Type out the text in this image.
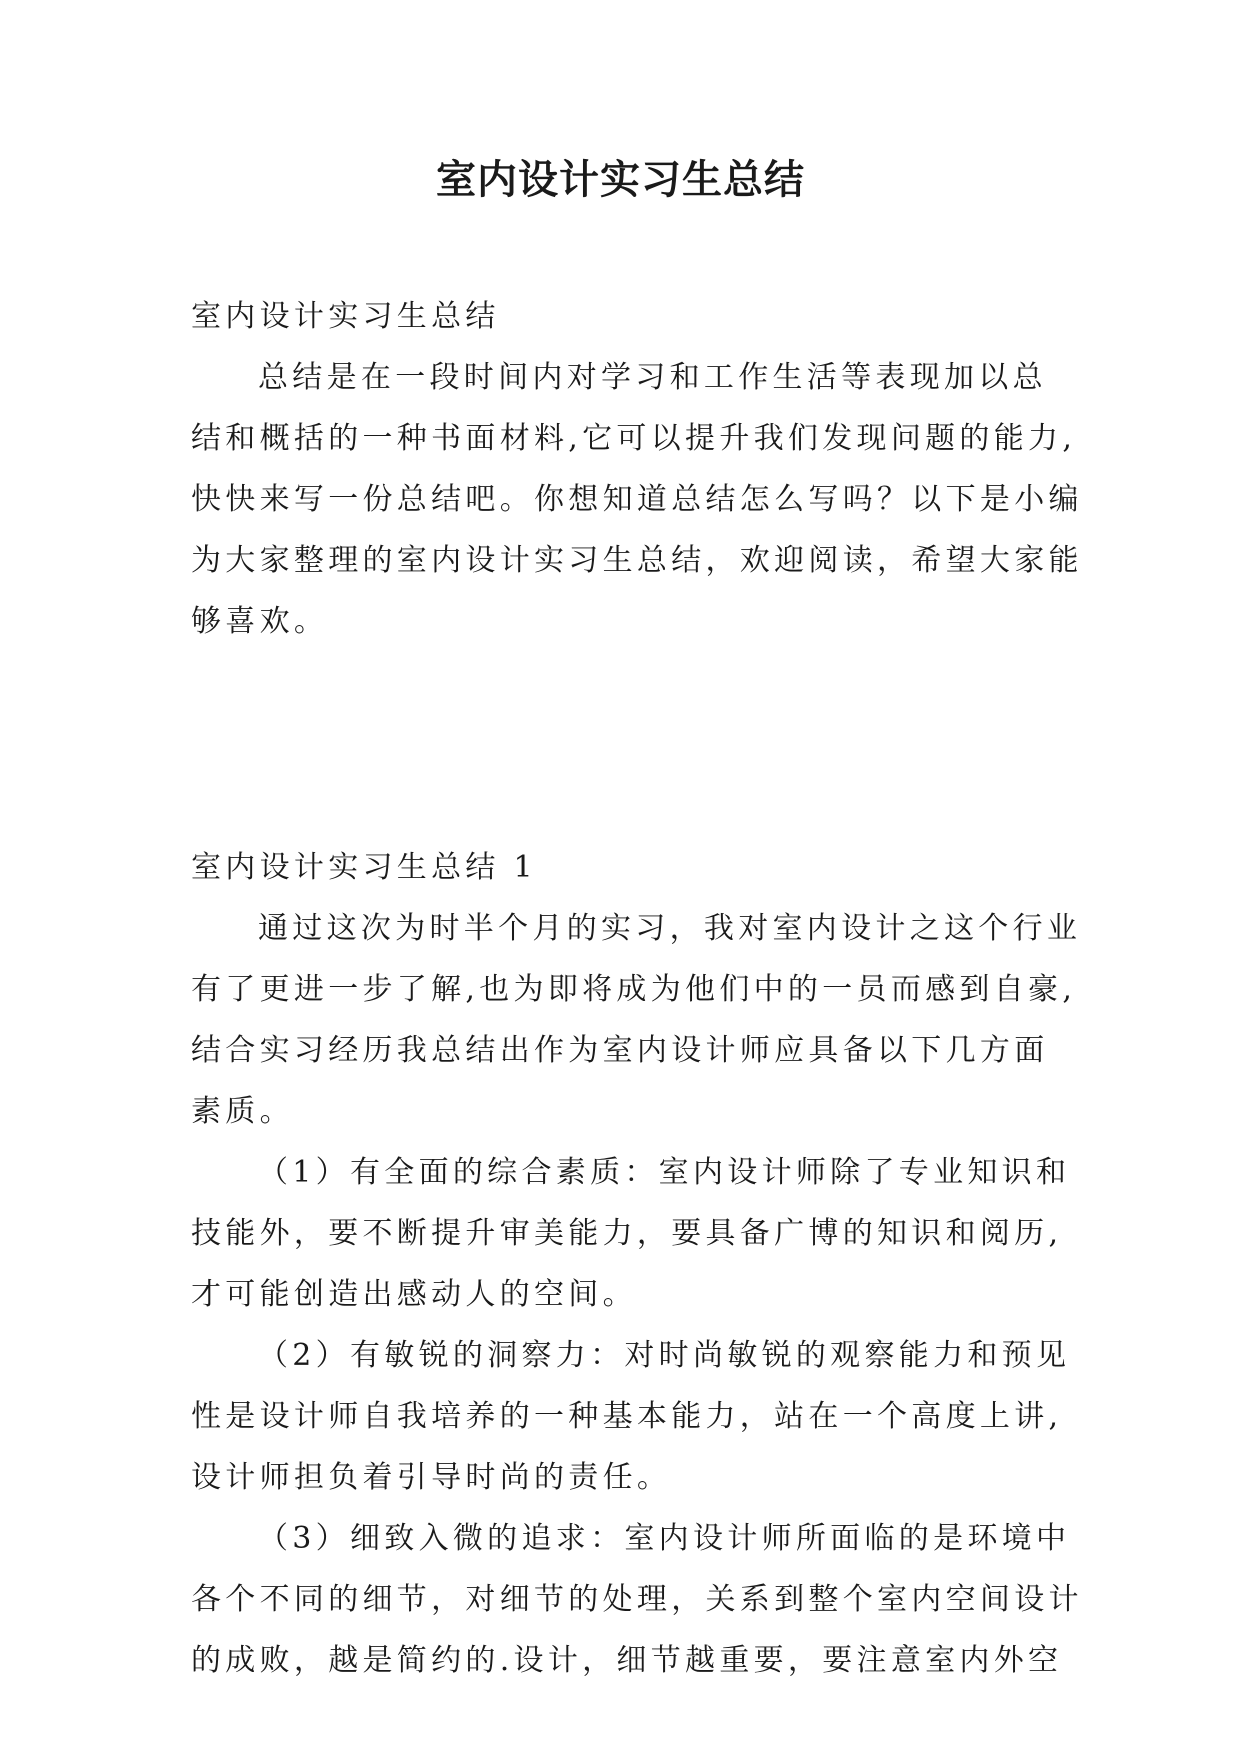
室内设计实习生总结

室内设计实习生总结

总结是在一段时间内对学习和工作生活等表现加以总

结和概括的一种书面材料,它可以提升我们发现问题的能力,

快快来写一份总结吧。你想知道总结怎么写吗？以下是小编

为大家整理的室内设计实习生总结，欢迎阅读，希望大家能

够喜欢。

室内设计实习生总结 1

通过这次为时半个月的实习，我对室内设计之这个行业

有了更进一步了解,也为即将成为他们中的一员而感到自豪,

结合实习经历我总结出作为室内设计师应具备以下几方面

素质。

（1）有全面的综合素质：室内设计师除了专业知识和

技能外，要不断提升审美能力，要具备广博的知识和阅历,

才可能创造出感动人的空间。

（2）有敏锐的洞察力：对时尚敏锐的观察能力和预见

性是设计师自我培养的一种基本能力，站在一个高度上讲,

设计师担负着引导时尚的责任。

（3）细致入微的追求：室内设计师所面临的是环境中

各个不同的细节，对细节的处理，关系到整个室内空间设计

的成败，越是简约的.设计，细节越重要，要注意室内外空
